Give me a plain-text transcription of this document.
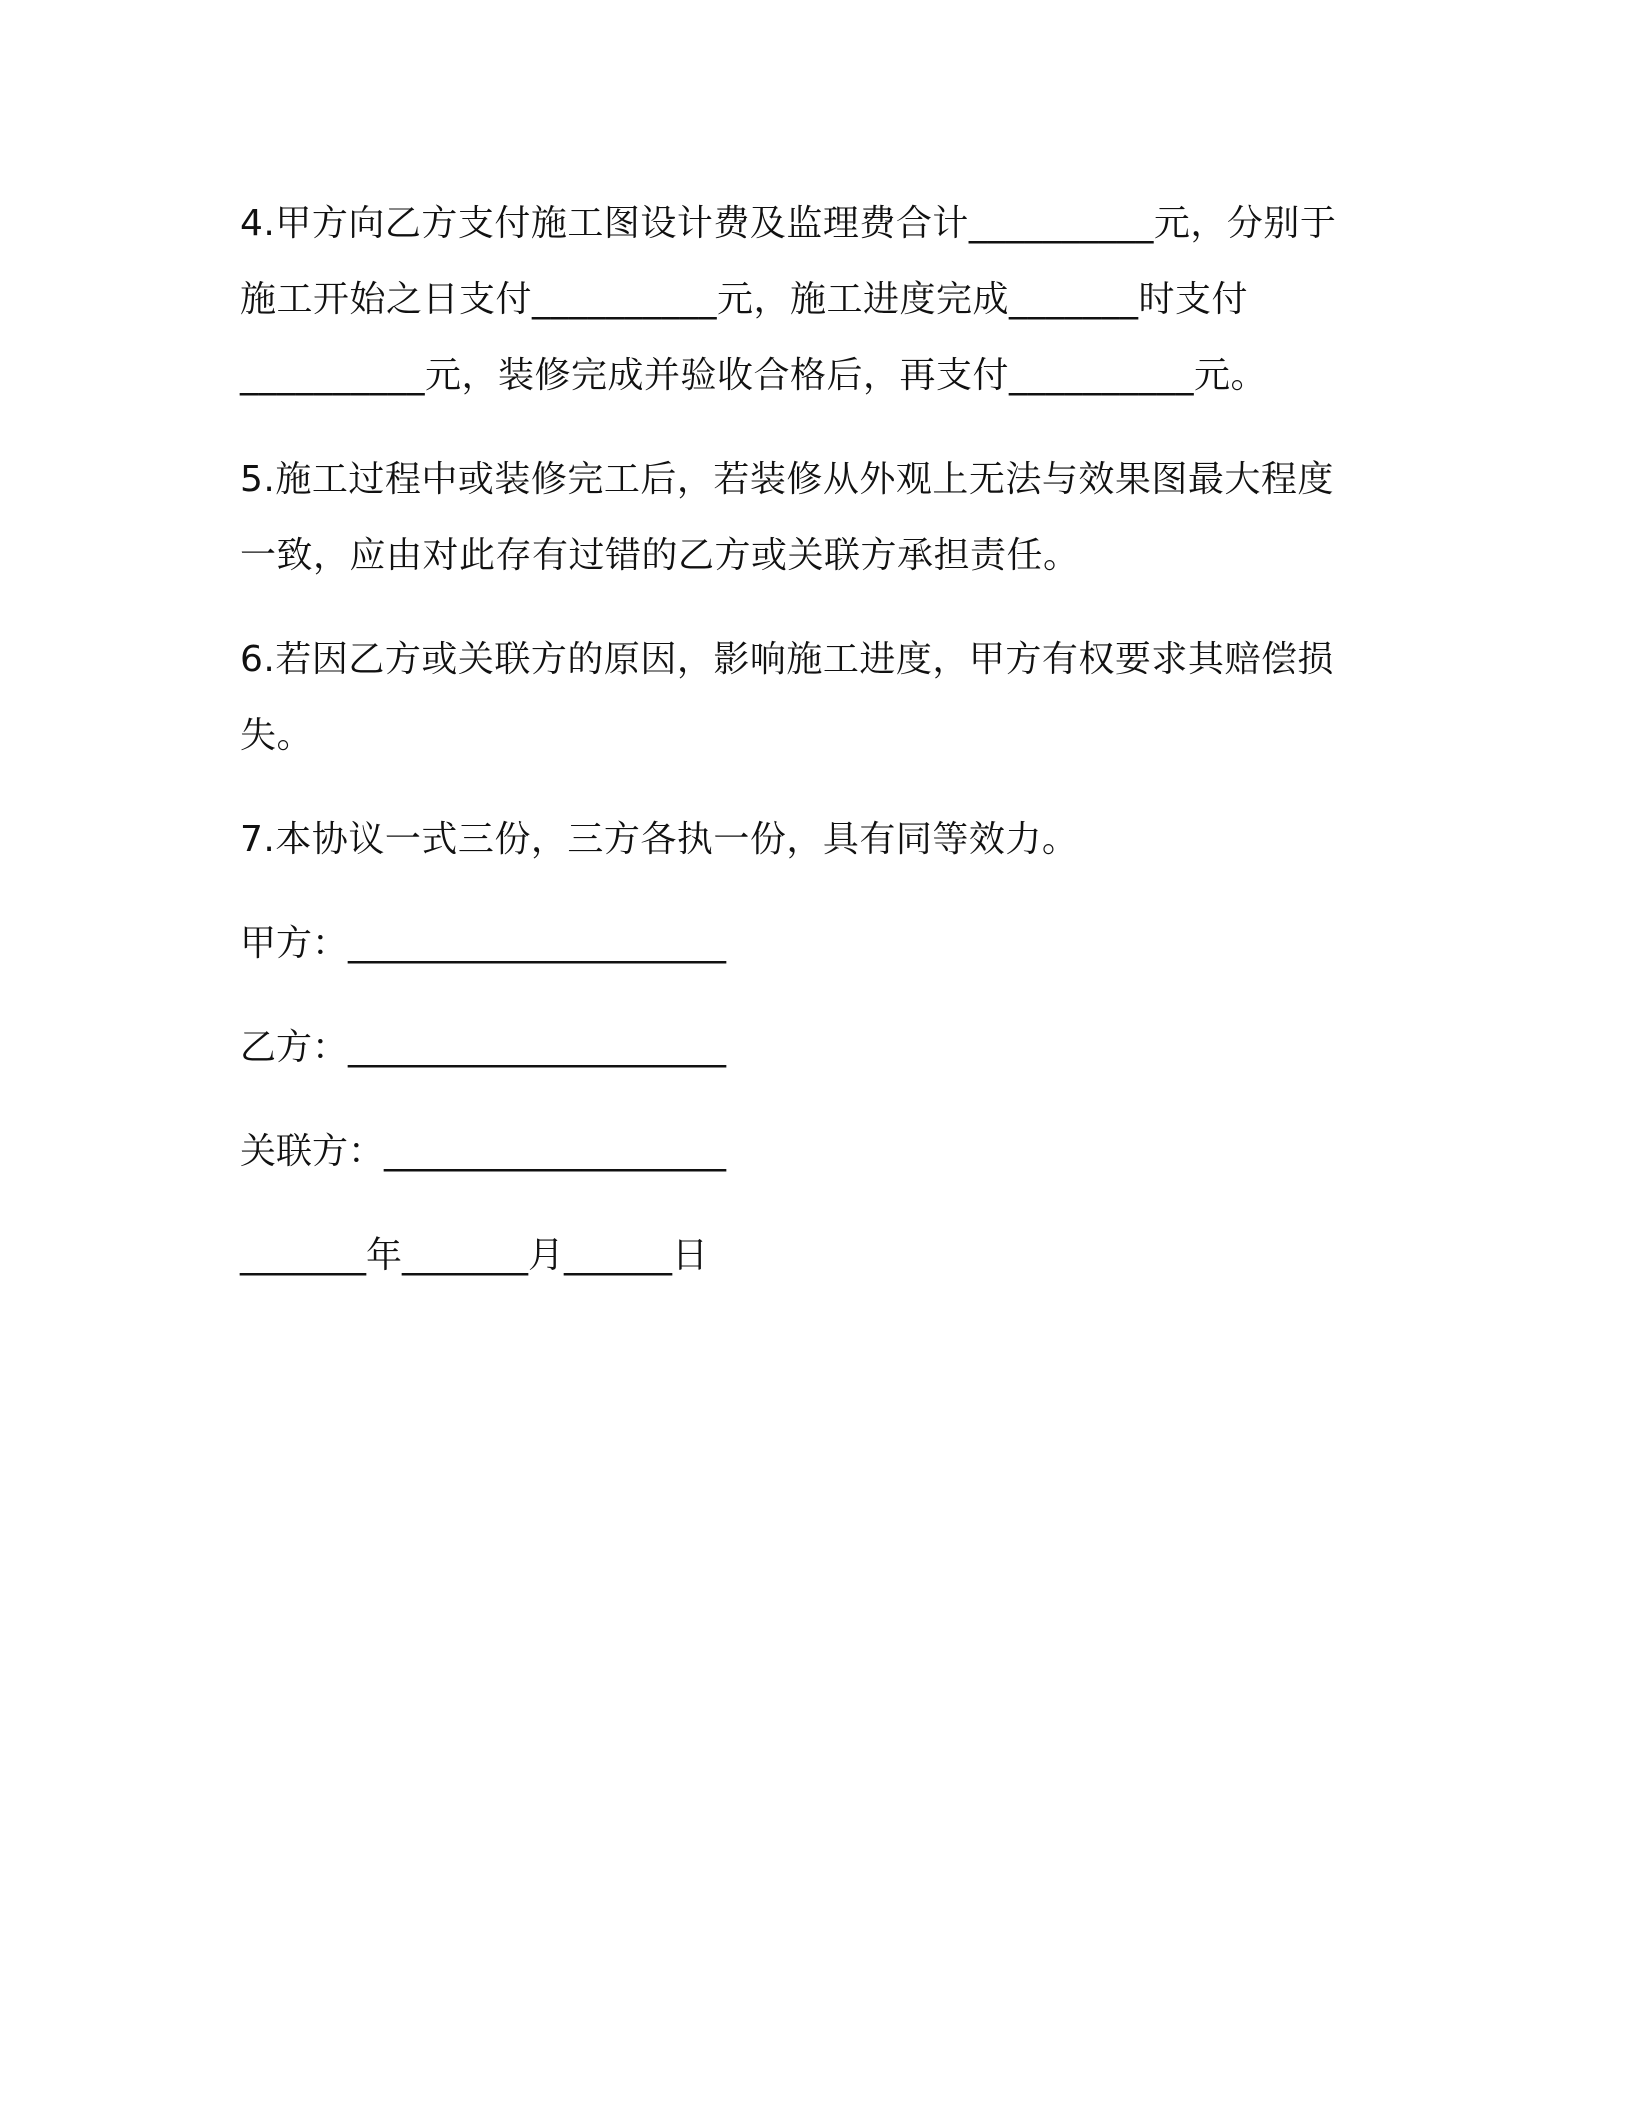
4.甲方向乙方支付施工图设计费及监理费合计__________元，分别于
施工开始之日支付__________元，施工进度完成_______时支付
__________元，装修完成并验收合格后，再支付__________元。
5.施工过程中或装修完工后，若装修从外观上无法与效果图最大程度
一致，应由对此存有过错的乙方或关联方承担责任。
6.若因乙方或关联方的原因，影响施工进度，甲方有权要求其赔偿损
失。
7.本协议一式三份，三方各执一份，具有同等效力。
甲方：_____________________
乙方：_____________________
关联方：___________________
_______年_______月______日
